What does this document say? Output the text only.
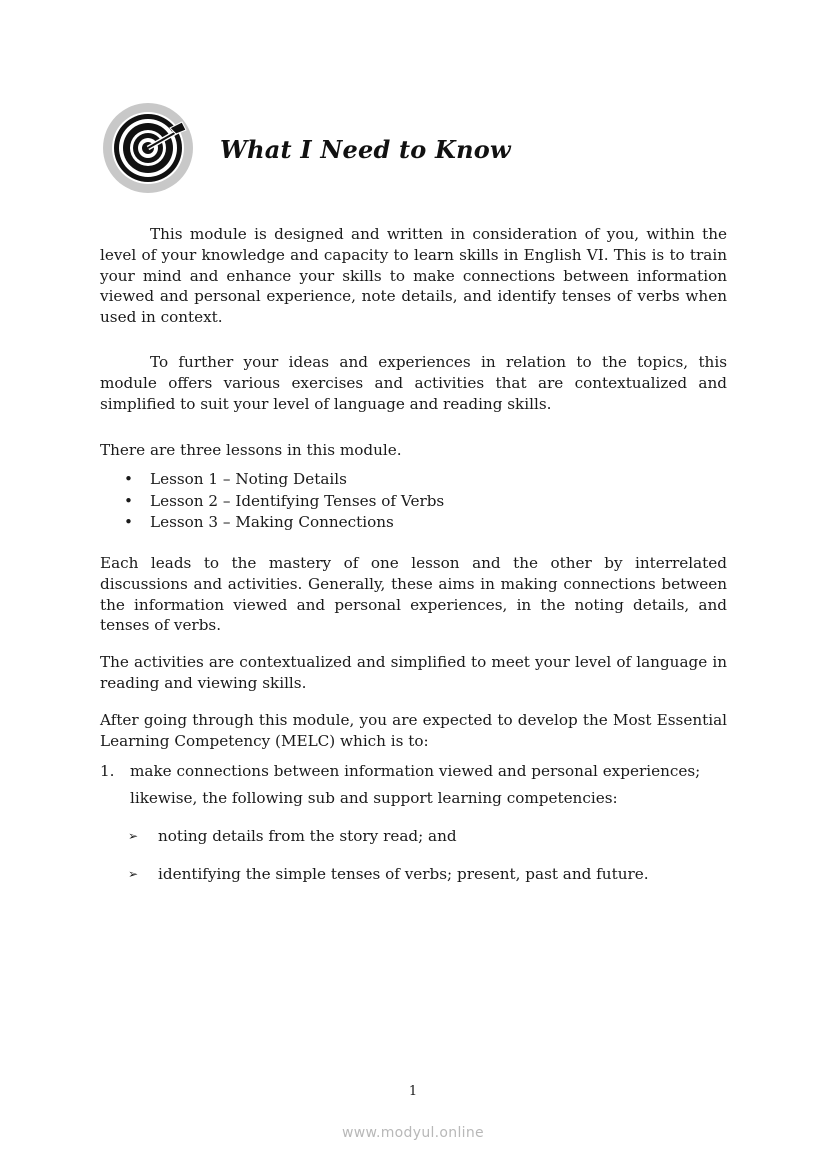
What I Need to Know

This module is designed and written in consideration of you, within the level of your knowledge and capacity to learn skills in English VI. This is to train your mind and enhance your skills to make connections between information viewed and personal experience, note details, and identify tenses of verbs when used in context.

To further your ideas and experiences in relation to the topics, this module offers various exercises and activities that are contextualized and simplified to suit your level of language and reading skills.

There are three lessons in this module.

• Lesson 1 – Noting Details
• Lesson 2 – Identifying Tenses of Verbs
• Lesson 3 – Making Connections

Each leads to the mastery of one lesson and the other by interrelated discussions and activities. Generally, these aims in making connections between the information viewed and personal experiences, in the noting details, and tenses of verbs.

The activities are contextualized and simplified to meet your level of language in reading and viewing skills.

After going through this module, you are expected to develop the Most Essential Learning Competency (MELC) which is to:

1. make connections between information viewed and personal experiences;
likewise, the following sub and support learning competencies:
➢ noting details from the story read; and
➢ identifying the simple tenses of verbs; present, past and future.
1
www.modyul.online
